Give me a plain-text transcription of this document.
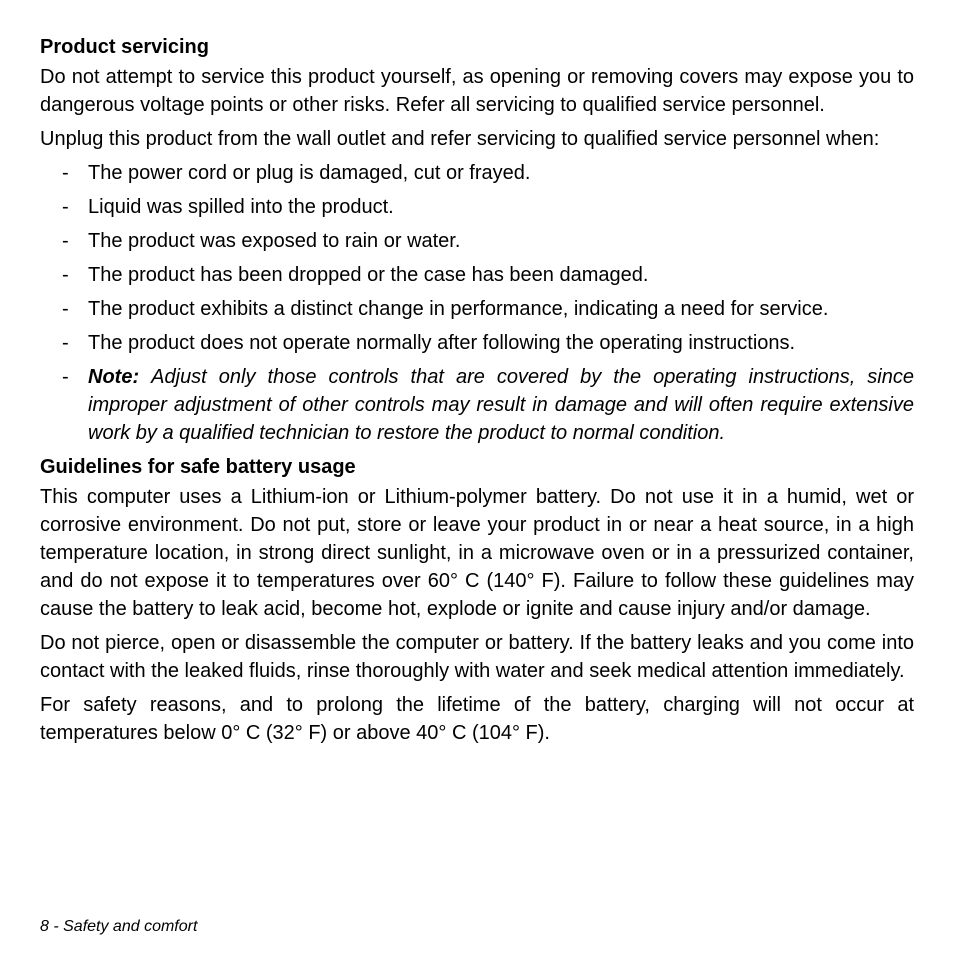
Product servicing

Do not attempt to service this product yourself, as opening or removing covers may expose you to dangerous voltage points or other risks. Refer all servicing to qualified service personnel.

Unplug this product from the wall outlet and refer servicing to qualified service personnel when:

- The power cord or plug is damaged, cut or frayed.
- Liquid was spilled into the product.
- The product was exposed to rain or water.
- The product has been dropped or the case has been damaged.
- The product exhibits a distinct change in performance, indicating a need for service.
- The product does not operate normally after following the operating instructions.
- Note: Adjust only those controls that are covered by the operating instructions, since improper adjustment of other controls may result in damage and will often require extensive work by a qualified technician to restore the product to normal condition.
Guidelines for safe battery usage

This computer uses a Lithium-ion or Lithium-polymer battery. Do not use it in a humid, wet or corrosive environment. Do not put, store or leave your product in or near a heat source, in a high temperature location, in strong direct sunlight, in a microwave oven or in a pressurized container, and do not expose it to temperatures over 60° C (140° F). Failure to follow these guidelines may cause the battery to leak acid, become hot, explode or ignite and cause injury and/or damage.

Do not pierce, open or disassemble the computer or battery. If the battery leaks and you come into contact with the leaked fluids, rinse thoroughly with water and seek medical attention immediately.

For safety reasons, and to prolong the lifetime of the battery, charging will not occur at temperatures below 0° C (32° F) or above 40° C (104° F).

8 - Safety and comfort
